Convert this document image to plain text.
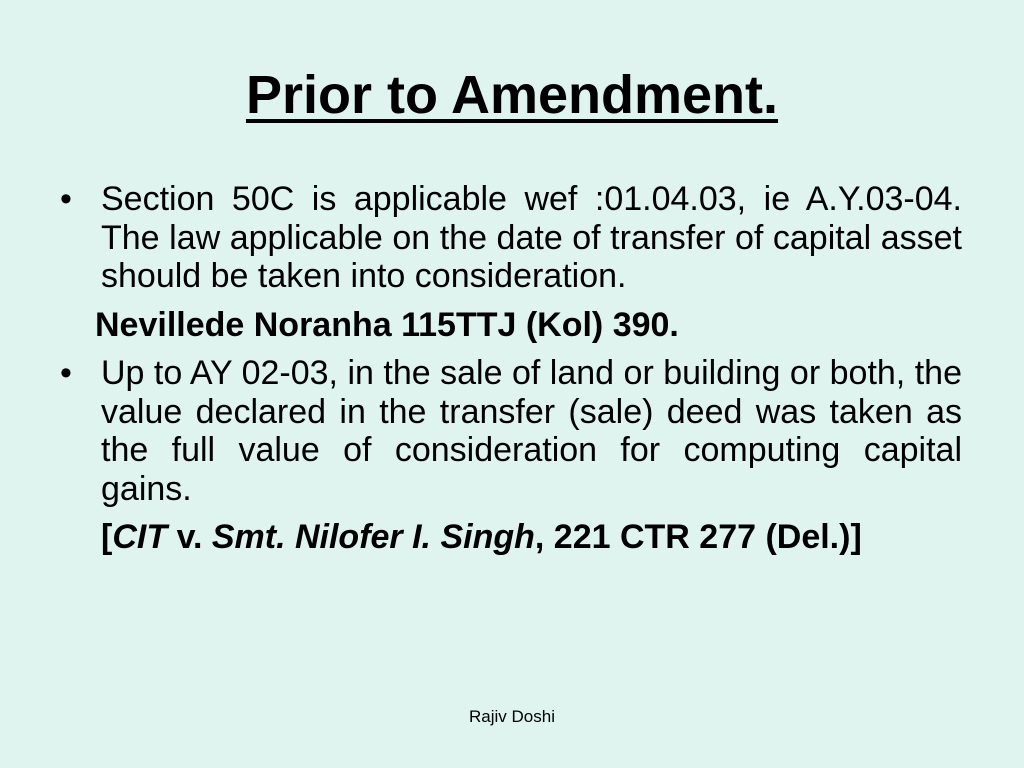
Prior to Amendment.
• Section 50C is applicable wef :01.04.03, ie A.Y.03-04. The law applicable on the date of transfer of capital asset should be taken into consideration.
Nevillede Noranha 115TTJ (Kol) 390.
• Up to AY 02-03, in the sale of land or building or both, the value declared in the transfer (sale) deed was taken as the full value of consideration for computing capital gains.
[CIT v. Smt. Nilofer I. Singh, 221 CTR 277 (Del.)]
Rajiv Doshi
